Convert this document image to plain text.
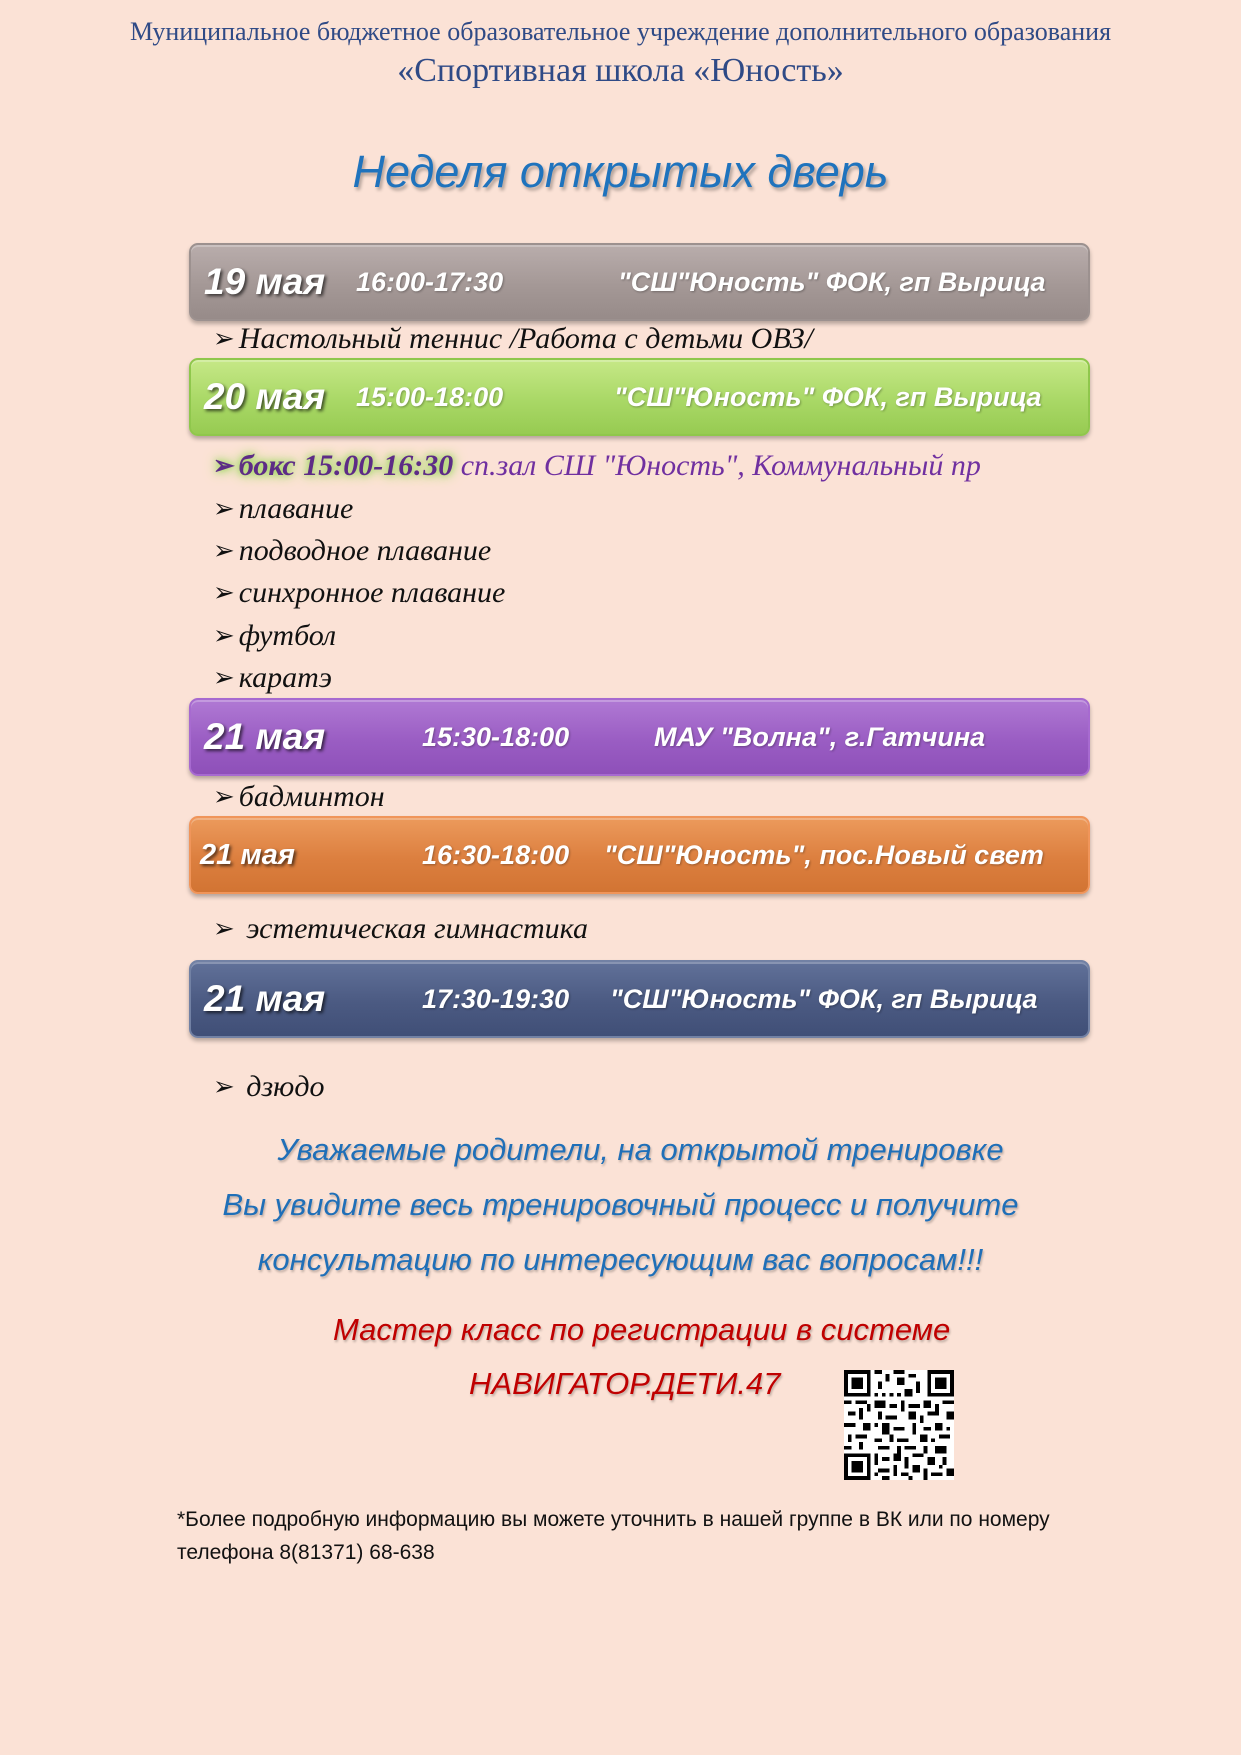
Муниципальное бюджетное образовательное учреждение дополнительного образования

«Спортивная школа «Юность»

Неделя открытых дверь
19 мая 16:00-17:30	"СШ"Юность" ФОК, гп Вырица
➢ Настольный теннис /Работа с детьми ОВЗ/
20 мая 15:00-18:00	"СШ"Юность" ФОК, гп Вырица
➢ бокс 15:00-16:30 сп.зал СШ "Юность", Коммунальный пр
➢ плавание
➢ подводное плавание
➢ синхронное плавание
➢ футбол
➢ каратэ
21 мая	15:30-18:00	МАУ "Волна", г.Гатчина
➢ бадминтон
21 мая	16:30-18:00 "СШ"Юность", пос.Новый свет
➢ эстетическая гимнастика
21 мая	17:30-19:30 "СШ"Юность" ФОК, гп Вырица
➢ дзюдо
Уважаемые родители, на открытой тренировке
Вы увидите весь тренировочный процесс и получите
консультацию по интересующим вас вопросам!!!
Мастер класс по регистрации в системе
НАВИГАТОР.ДЕТИ.47

*Более подробную информацию вы можете уточнить в нашей группе в ВК или по номеру телефона 8(81371) 68-638
